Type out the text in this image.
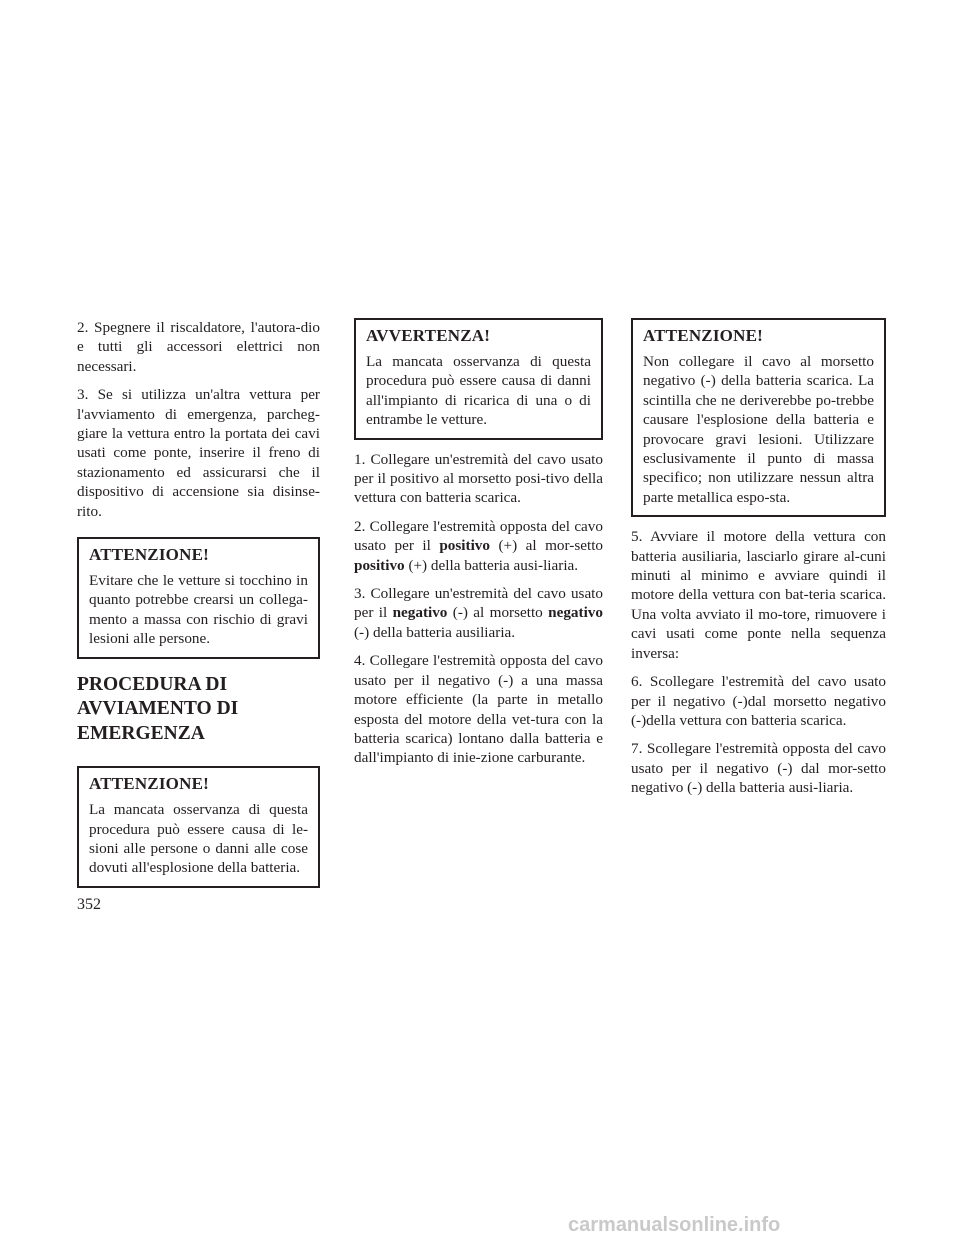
2. Spegnere il riscaldatore, l'autora-dio e tutti gli accessori elettrici non necessari.

3. Se si utilizza un'altra vettura per l'avviamento di emergenza, parcheg-giare la vettura entro la portata dei cavi usati come ponte, inserire il freno di stazionamento ed assicurarsi che il dispositivo di accensione sia disinse-rito.

ATTENZIONE!

Evitare che le vetture si tocchino in quanto potrebbe crearsi un collega-mento a massa con rischio di gravi lesioni alle persone.

PROCEDURA DI
AVVIAMENTO DI
EMERGENZA
ATTENZIONE!

La mancata osservanza di questa procedura può essere causa di le-sioni alle persone o danni alle cose dovuti all'esplosione della batteria.

AVVERTENZA!

La mancata osservanza di questa procedura può essere causa di danni all'impianto di ricarica di una o di entrambe le vetture.

1. Collegare un'estremità del cavo usato per il positivo al morsetto posi-tivo della vettura con batteria scarica.

2. Collegare l'estremità opposta del cavo usato per il positivo (+) al mor-setto positivo (+) della batteria ausi-liaria.

3. Collegare un'estremità del cavo usato per il negativo (-) al morsetto negativo (-) della batteria ausiliaria.

4. Collegare l'estremità opposta del cavo usato per il negativo (-) a una massa motore efficiente (la parte in metallo esposta del motore della vet-tura con la batteria scarica) lontano dalla batteria e dall'impianto di inie-zione carburante.

ATTENZIONE!

Non collegare il cavo al morsetto negativo (-) della batteria scarica. La scintilla che ne deriverebbe po-trebbe causare l'esplosione della batteria e provocare gravi lesioni. Utilizzare esclusivamente il punto di massa specifico; non utilizzare nessun altra parte metallica espo-sta.

5. Avviare il motore della vettura con batteria ausiliaria, lasciarlo girare al-cuni minuti al minimo e avviare quindi il motore della vettura con bat-teria scarica. Una volta avviato il mo-tore, rimuovere i cavi usati come ponte nella sequenza inversa:

6. Scollegare l'estremità del cavo usato per il negativo (-)dal morsetto negativo (-)della vettura con batteria scarica.

7. Scollegare l'estremità opposta del cavo usato per il negativo (-) dal mor-setto negativo (-) della batteria ausi-liaria.

352
carmanualsonline.info
